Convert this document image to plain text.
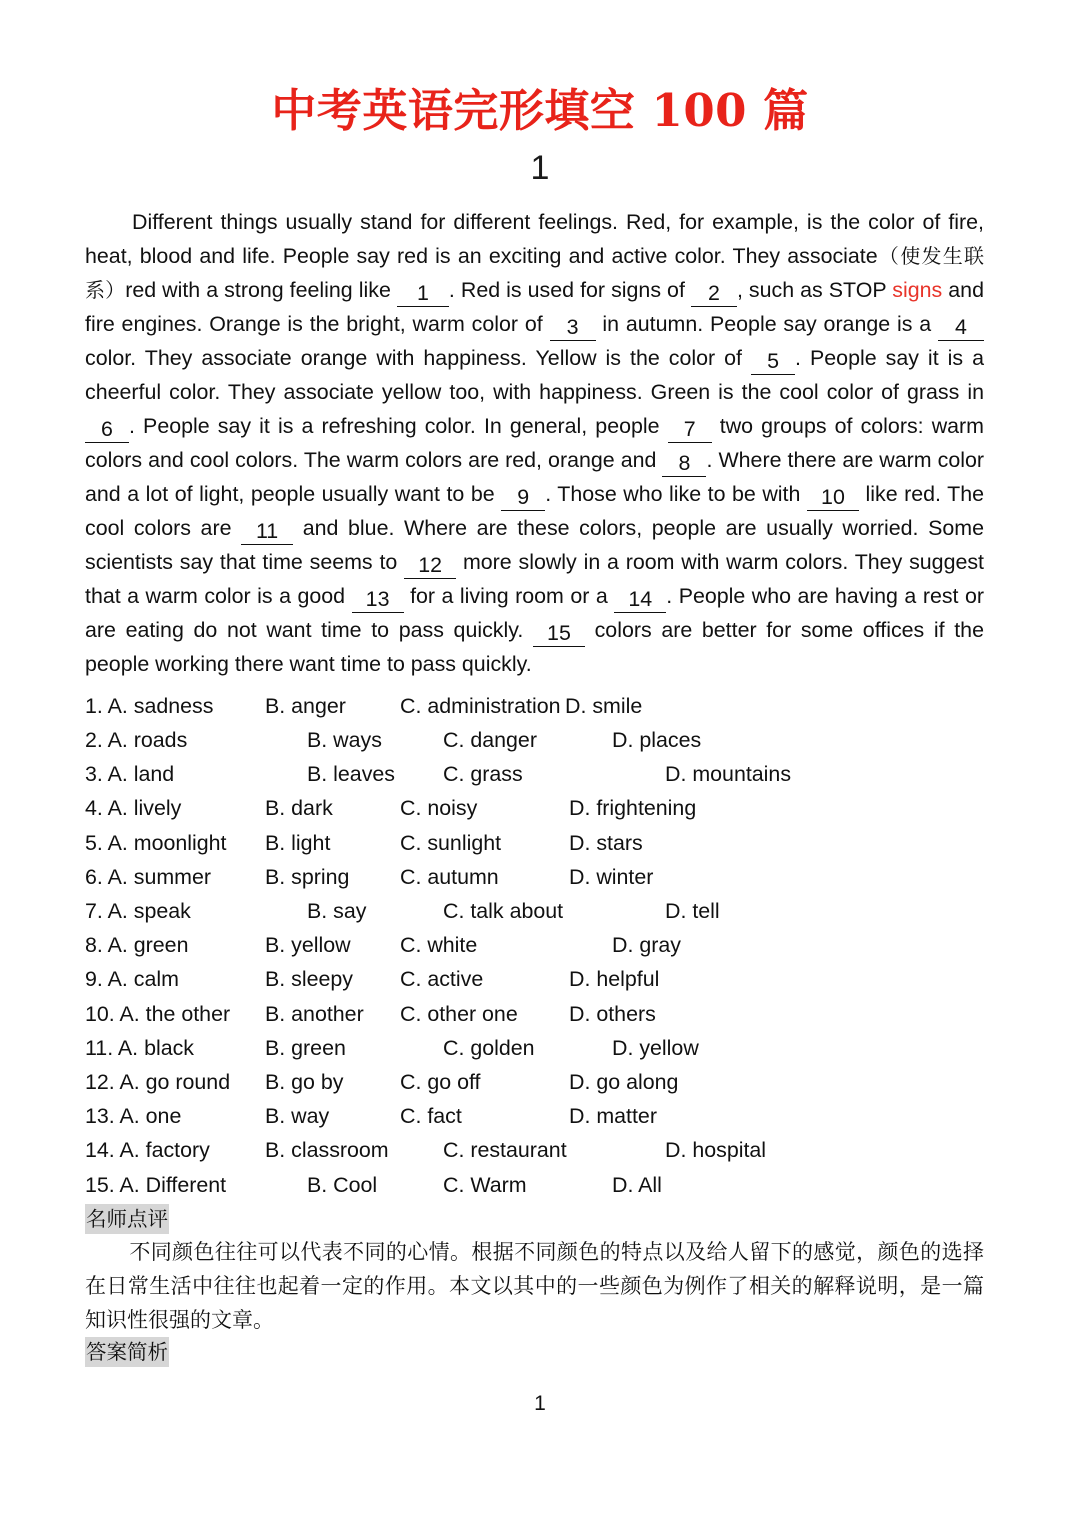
中考英语完形填空 100 篇
1
Different things usually stand for different feelings. Red, for example, is the color of fire, heat, blood and life. People say red is an exciting and active color. They associate（使发生联系）red with a strong feeling like 1 . Red is used for signs of 2 , such as STOP signs and fire engines. Orange is the bright, warm color of 3 in autumn. People say orange is a 4 color. They associate orange with happiness. Yellow is the color of 5 . People say it is a cheerful color. They associate yellow too, with happiness. Green is the cool color of grass in 6 . People say it is a refreshing color. In general, people 7 two groups of colors: warm colors and cool colors. The warm colors are red, orange and 8 . Where there are warm color and a lot of light, people usually want to be 9 . Those who like to be with 10 like red. The cool colors are 11 and blue. Where are these colors, people are usually worried. Some scientists say that time seems to 12 more slowly in a room with warm colors. They suggest that a warm color is a good 13 for a living room or a 14 . People who are having a rest or are eating do not want time to pass quickly. 15 colors are better for some offices if the people working there want time to pass quickly.
1. A. sadness B. anger	C. administration D. smile
2. A. roads	B. ways	C. danger	D. places
3. A. land	B. leaves C. grass	D. mountains
4. A. lively	B. dark	C. noisy	D. frightening
5. A. moonlight B. light	C. sunlight	D. stars
6. A. summer	B. spring C. autumn	D. winter
7. A. speak	B. say	C. talk about	D. tell
8. A. green	B. yellow C. white	D. gray
9. A. calm	B. sleepy C. active	D. helpful
10. A. the other B. another C. other one D. others
11. A. black	B. green	C. golden	D. yellow
12. A. go round B. go by	C. go off	D. go along
13. A. one	B. way	C. fact	D. matter
14. A. factory	B. classroom	C. restaurant	D. hospital
15. A. Different	B. Cool	C. Warm	D. All
名师点评

不同颜色往往可以代表不同的心情。根据不同颜色的特点以及给人留下的感觉，颜色的选择在日常生活中往往也起着一定的作用。本文以其中的一些颜色为例作了相关的解释说明，是一篇知识性很强的文章。

答案简析
1
